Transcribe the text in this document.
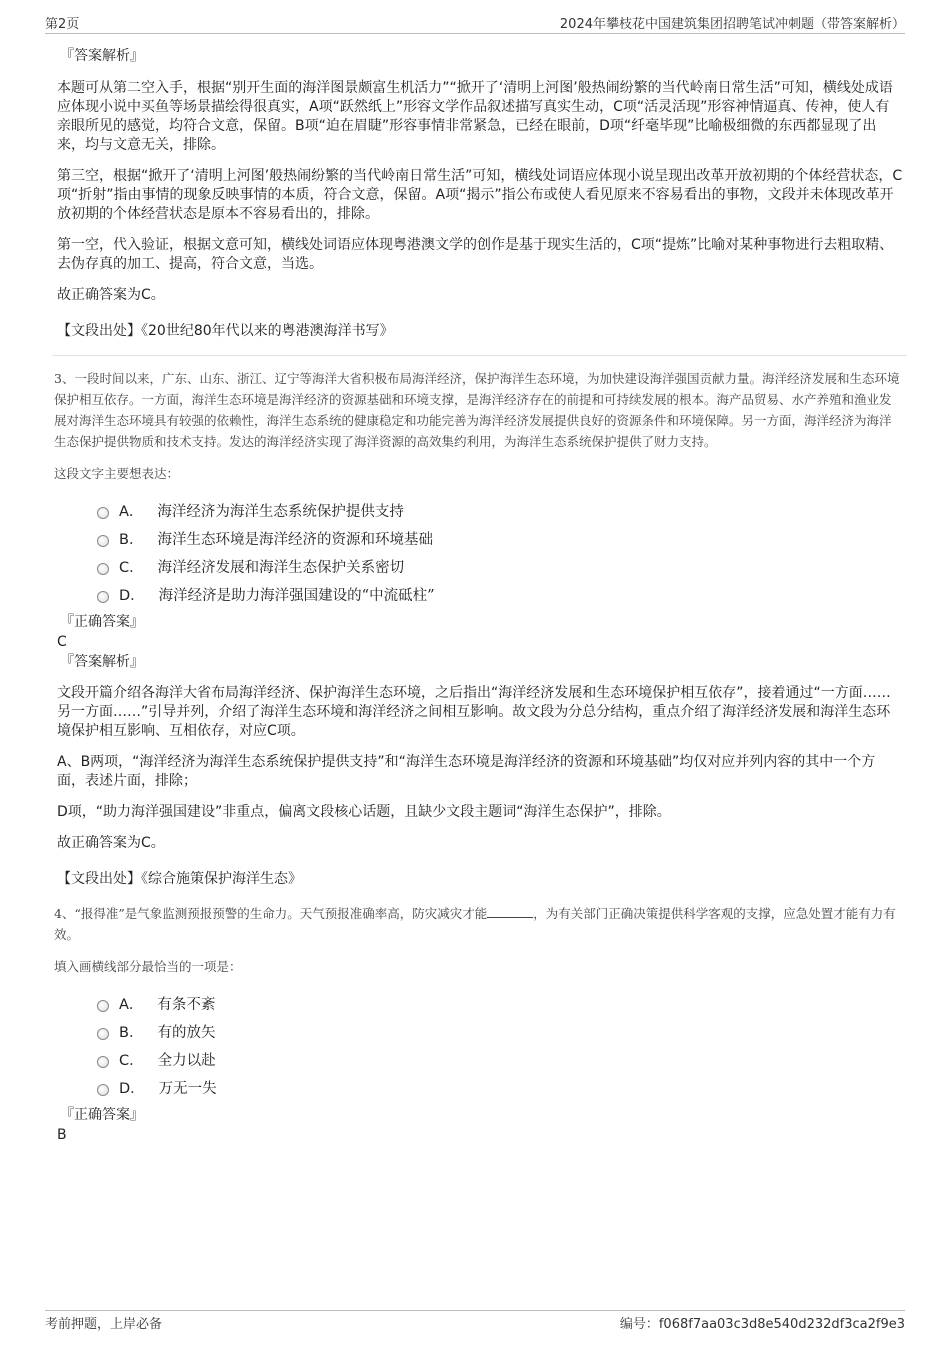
第2页	2024年攀枝花中国建筑集团招聘笔试冲刺题（带答案解析）
『答案解析』

本题可从第二空入手，根据“别开生面的海洋图景颇富生机活力”“掀开了‘清明上河图’般热闹纷繁的当代岭南日常生活”可知，横线处成语应体现小说中买鱼等场景描绘得很真实，A项“跃然纸上”形容文学作品叙述描写真实生动，C项“活灵活现”形容神情逼真、传神，使人有亲眼所见的感觉，均符合文意，保留。B项“迫在眉睫”形容事情非常紧急，已经在眼前，D项“纤毫毕现”比喻极细微的东西都显现了出来，均与文意无关，排除。

第三空，根据“掀开了‘清明上河图’般热闹纷繁的当代岭南日常生活”可知，横线处词语应体现小说呈现出改革开放初期的个体经营状态，C项“折射”指由事情的现象反映事情的本质，符合文意，保留。A项“揭示”指公布或使人看见原来不容易看出的事物，文段并未体现改革开放初期的个体经营状态是原本不容易看出的，排除。

第一空，代入验证，根据文意可知，横线处词语应体现粤港澳文学的创作是基于现实生活的，C项“提炼”比喻对某种事物进行去粗取精、去伪存真的加工、提高，符合文意，当选。

故正确答案为C。

【文段出处】《20世纪80年代以来的粤港澳海洋书写》

3、一段时间以来，广东、山东、浙江、辽宁等海洋大省积极布局海洋经济，保护海洋生态环境，为加快建设海洋强国贡献力量。海洋经济发展和生态环境保护相互依存。一方面，海洋生态环境是海洋经济的资源基础和环境支撑，是海洋经济存在的前提和可持续发展的根本。海产品贸易、水产养殖和渔业发展对海洋生态环境具有较强的依赖性，海洋生态系统的健康稳定和功能完善为海洋经济发展提供良好的资源条件和环境保障。另一方面，海洋经济为海洋生态保护提供物质和技术支持。发达的海洋经济实现了海洋资源的高效集约利用，为海洋生态系统保护提供了财力支持。

这段文字主要想表达：

A． 海洋经济为海洋生态系统保护提供支持
B． 海洋生态环境是海洋经济的资源和环境基础
C． 海洋经济发展和海洋生态保护关系密切
D． 海洋经济是助力海洋强国建设的“中流砥柱”
『正确答案』
C
『答案解析』

文段开篇介绍各海洋大省布局海洋经济、保护海洋生态环境，之后指出“海洋经济发展和生态环境保护相互依存”，接着通过“一方面……另一方面……”引导并列，介绍了海洋生态环境和海洋经济之间相互影响。故文段为分总分结构，重点介绍了海洋经济发展和海洋生态环境保护相互影响、互相依存，对应C项。

A、B两项，“海洋经济为海洋生态系统保护提供支持”和“海洋生态环境是海洋经济的资源和环境基础”均仅对应并列内容的其中一个方面，表述片面，排除；

D项，“助力海洋强国建设”非重点，偏离文段核心话题，且缺少文段主题词“海洋生态保护”，排除。

故正确答案为C。

【文段出处】《综合施策保护海洋生态》

4、“报得准”是气象监测预报预警的生命力。天气预报准确率高，防灾减灾才能	，为有关部门正确决策提供科学客观的支撑，应急处置才能有力有效。

填入画横线部分最恰当的一项是：

A． 有条不紊
B． 有的放矢
C． 全力以赴
D． 万无一失
『正确答案』
B
考前押题，上岸必备	编号：f068f7aa03c3d8e540d232df3ca2f9e3
